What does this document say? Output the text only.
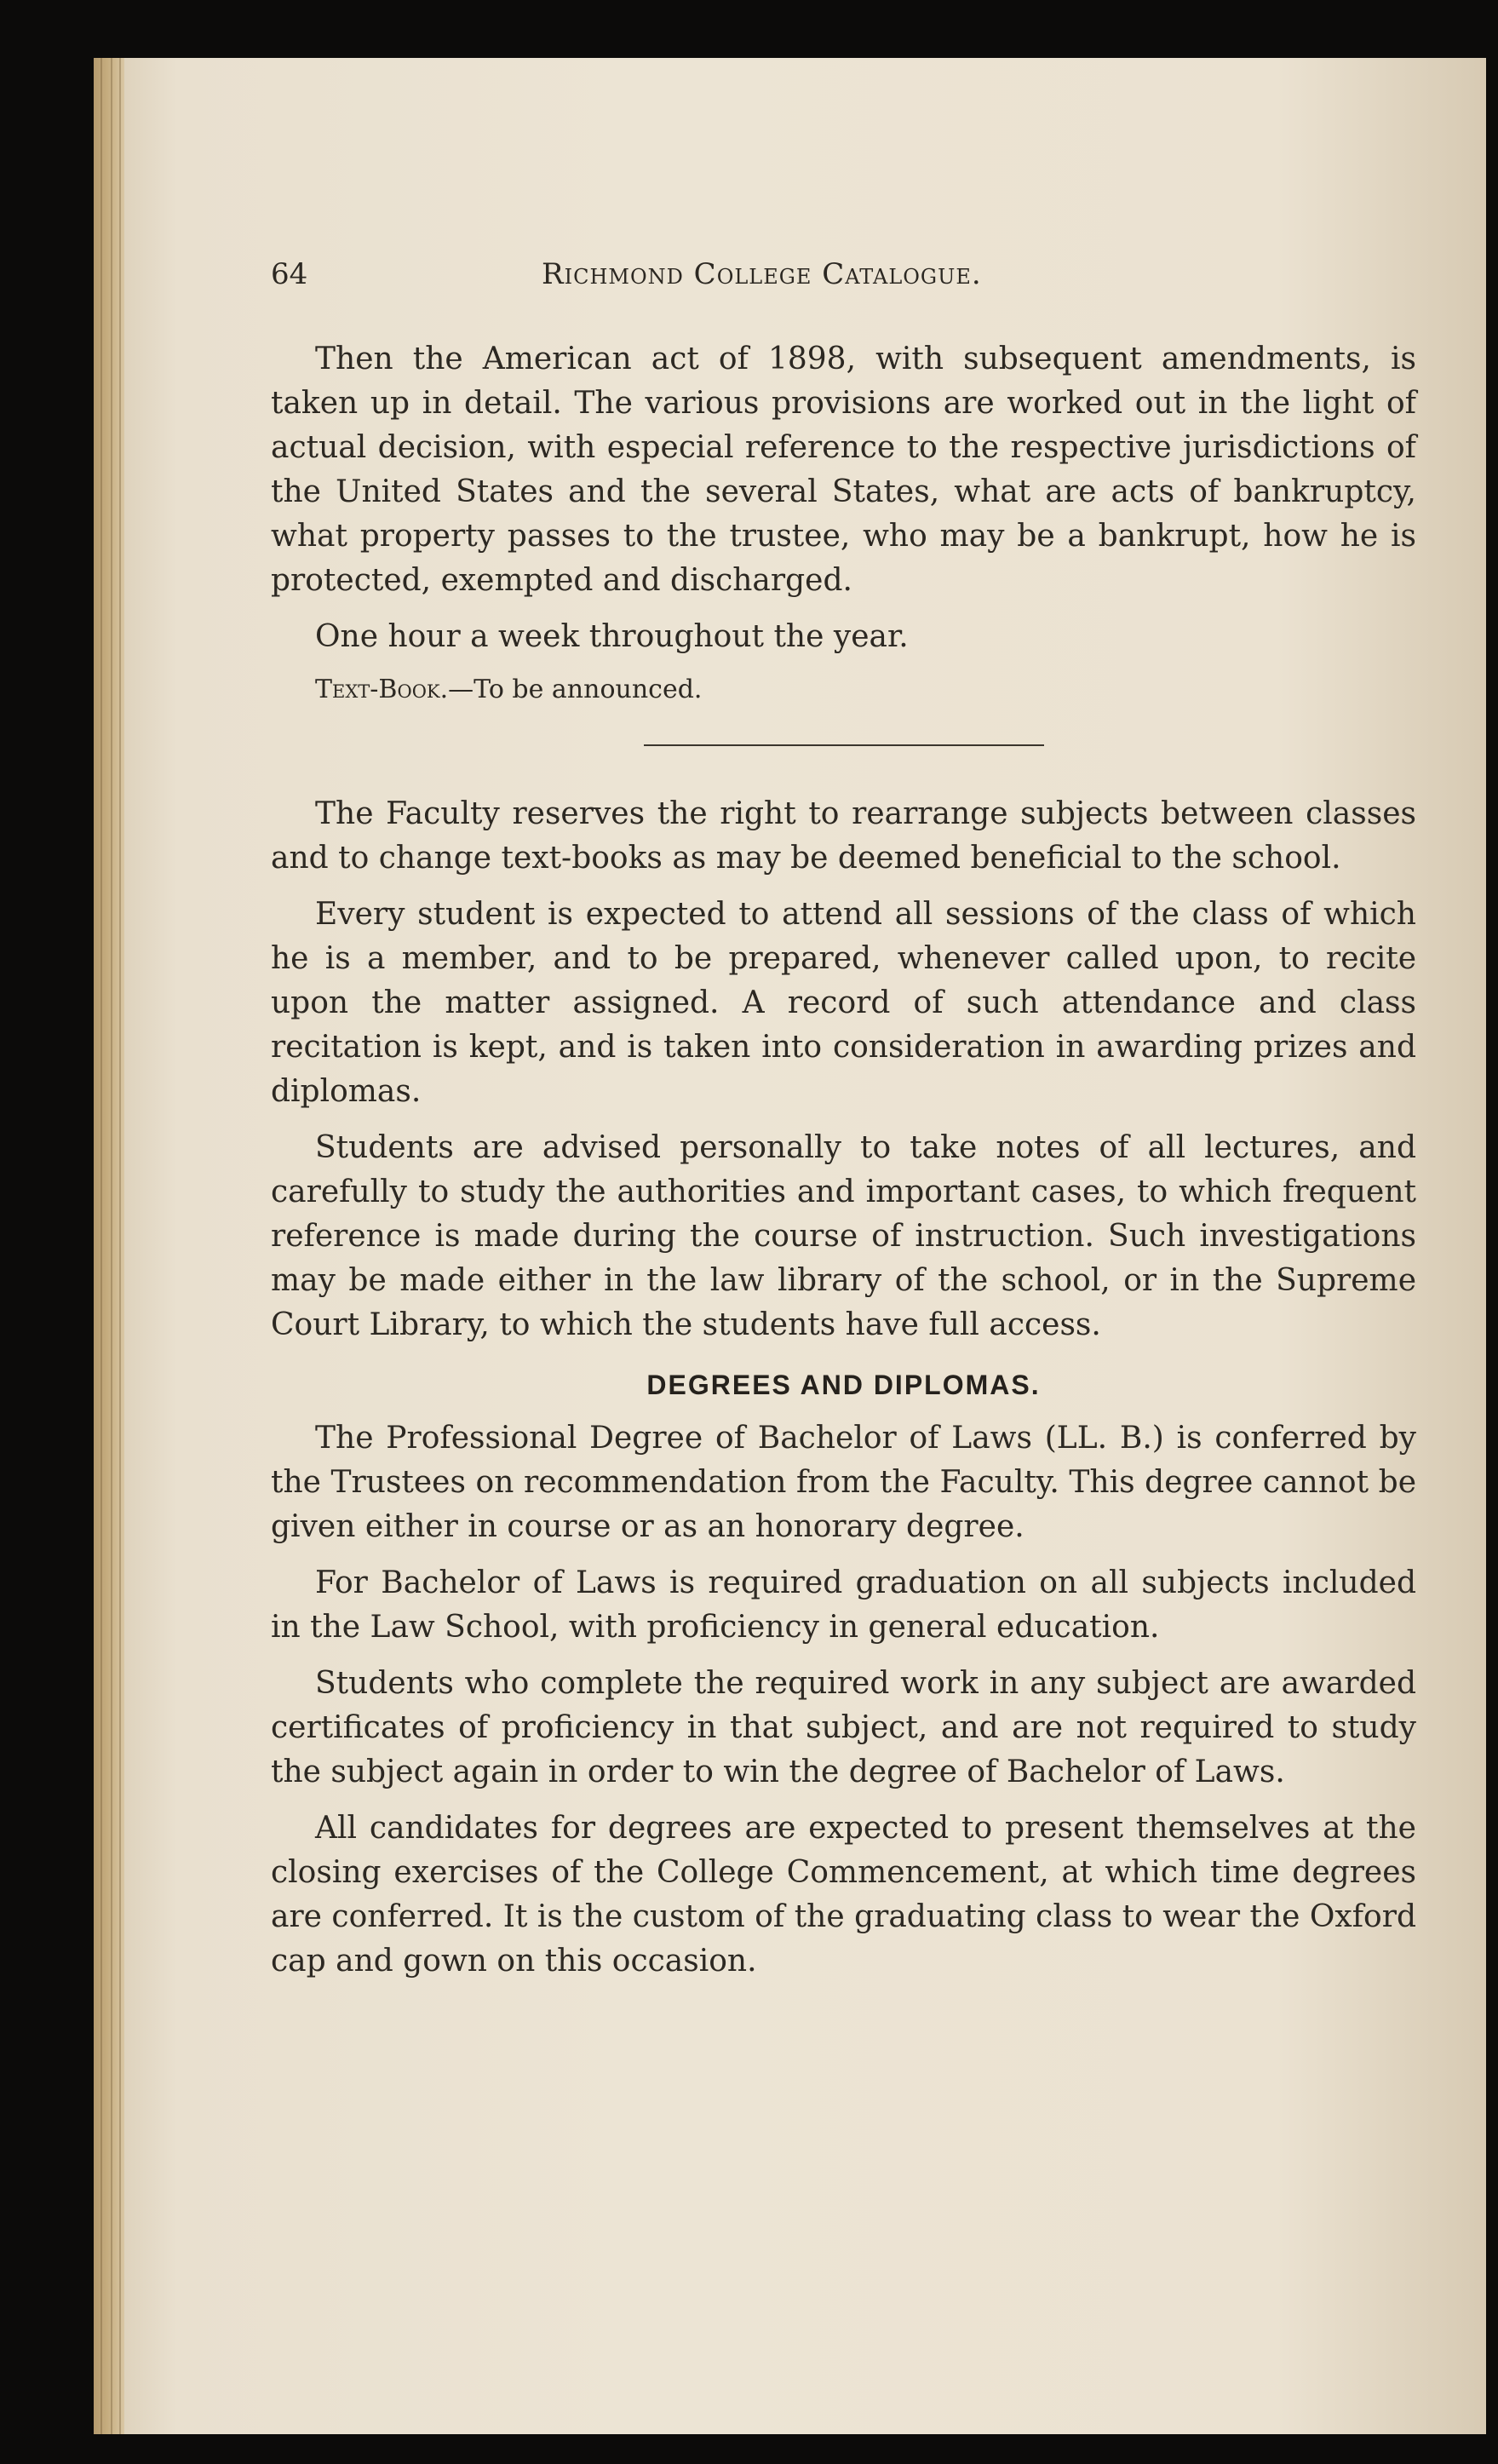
64	Richmond College Catalogue.

Then the American act of 1898, with subsequent amendments, is taken up in detail. The various provisions are worked out in the light of actual decision, with especial reference to the respective jurisdictions of the United States and the several States, what are acts of bankruptcy, what property passes to the trustee, who may be a bankrupt, how he is protected, exempted and discharged.

One hour a week throughout the year.

Text-Book.—To be announced.

The Faculty reserves the right to rearrange subjects between classes and to change text-books as may be deemed beneficial to the school.

Every student is expected to attend all sessions of the class of which he is a member, and to be prepared, whenever called upon, to recite upon the matter assigned. A record of such attendance and class recitation is kept, and is taken into consideration in awarding prizes and diplomas.

Students are advised personally to take notes of all lectures, and carefully to study the authorities and important cases, to which frequent reference is made during the course of instruction. Such investigations may be made either in the law library of the school, or in the Supreme Court Library, to which the students have full access.

DEGREES AND DIPLOMAS.

The Professional Degree of Bachelor of Laws (LL. B.) is conferred by the Trustees on recommendation from the Faculty. This degree cannot be given either in course or as an honorary degree.

For Bachelor of Laws is required graduation on all subjects included in the Law School, with proficiency in general education.

Students who complete the required work in any subject are awarded certificates of proficiency in that subject, and are not required to study the subject again in order to win the degree of Bachelor of Laws.

All candidates for degrees are expected to present themselves at the closing exercises of the College Commencement, at which time degrees are conferred. It is the custom of the graduating class to wear the Oxford cap and gown on this occasion.
